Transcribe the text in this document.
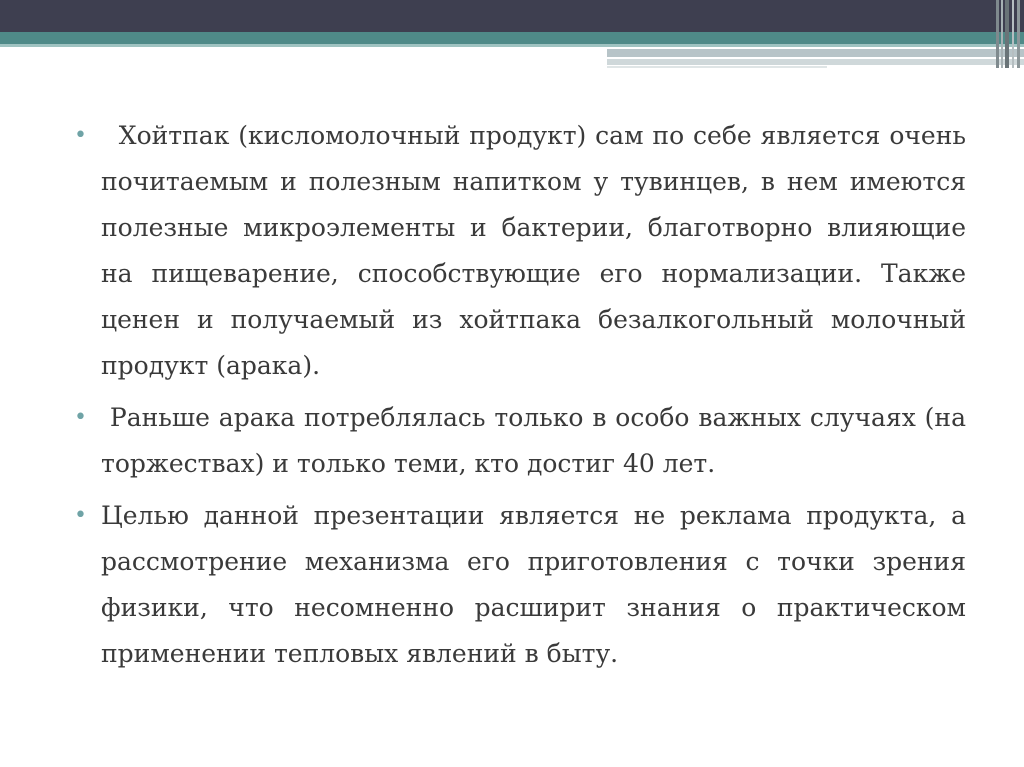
• Хойтпак (кисломолочный продукт) сам по себе является очень почитаемым и полезным напитком у тувинцев, в нем имеются полезные микроэлементы и бактерии, благотворно влияющие на пищеварение, способствующие его нормализации. Также ценен и получаемый из хойтпака безалкогольный молочный продукт (арака).
• Раньше арака потреблялась только в особо важных случаях (на торжествах) и только теми, кто достиг 40 лет.
• Целью данной презентации является не реклама продукта, а рассмотрение механизма его приготовления с точки зрения физики, что несомненно расширит знания о практическом применении тепловых явлений в быту.
